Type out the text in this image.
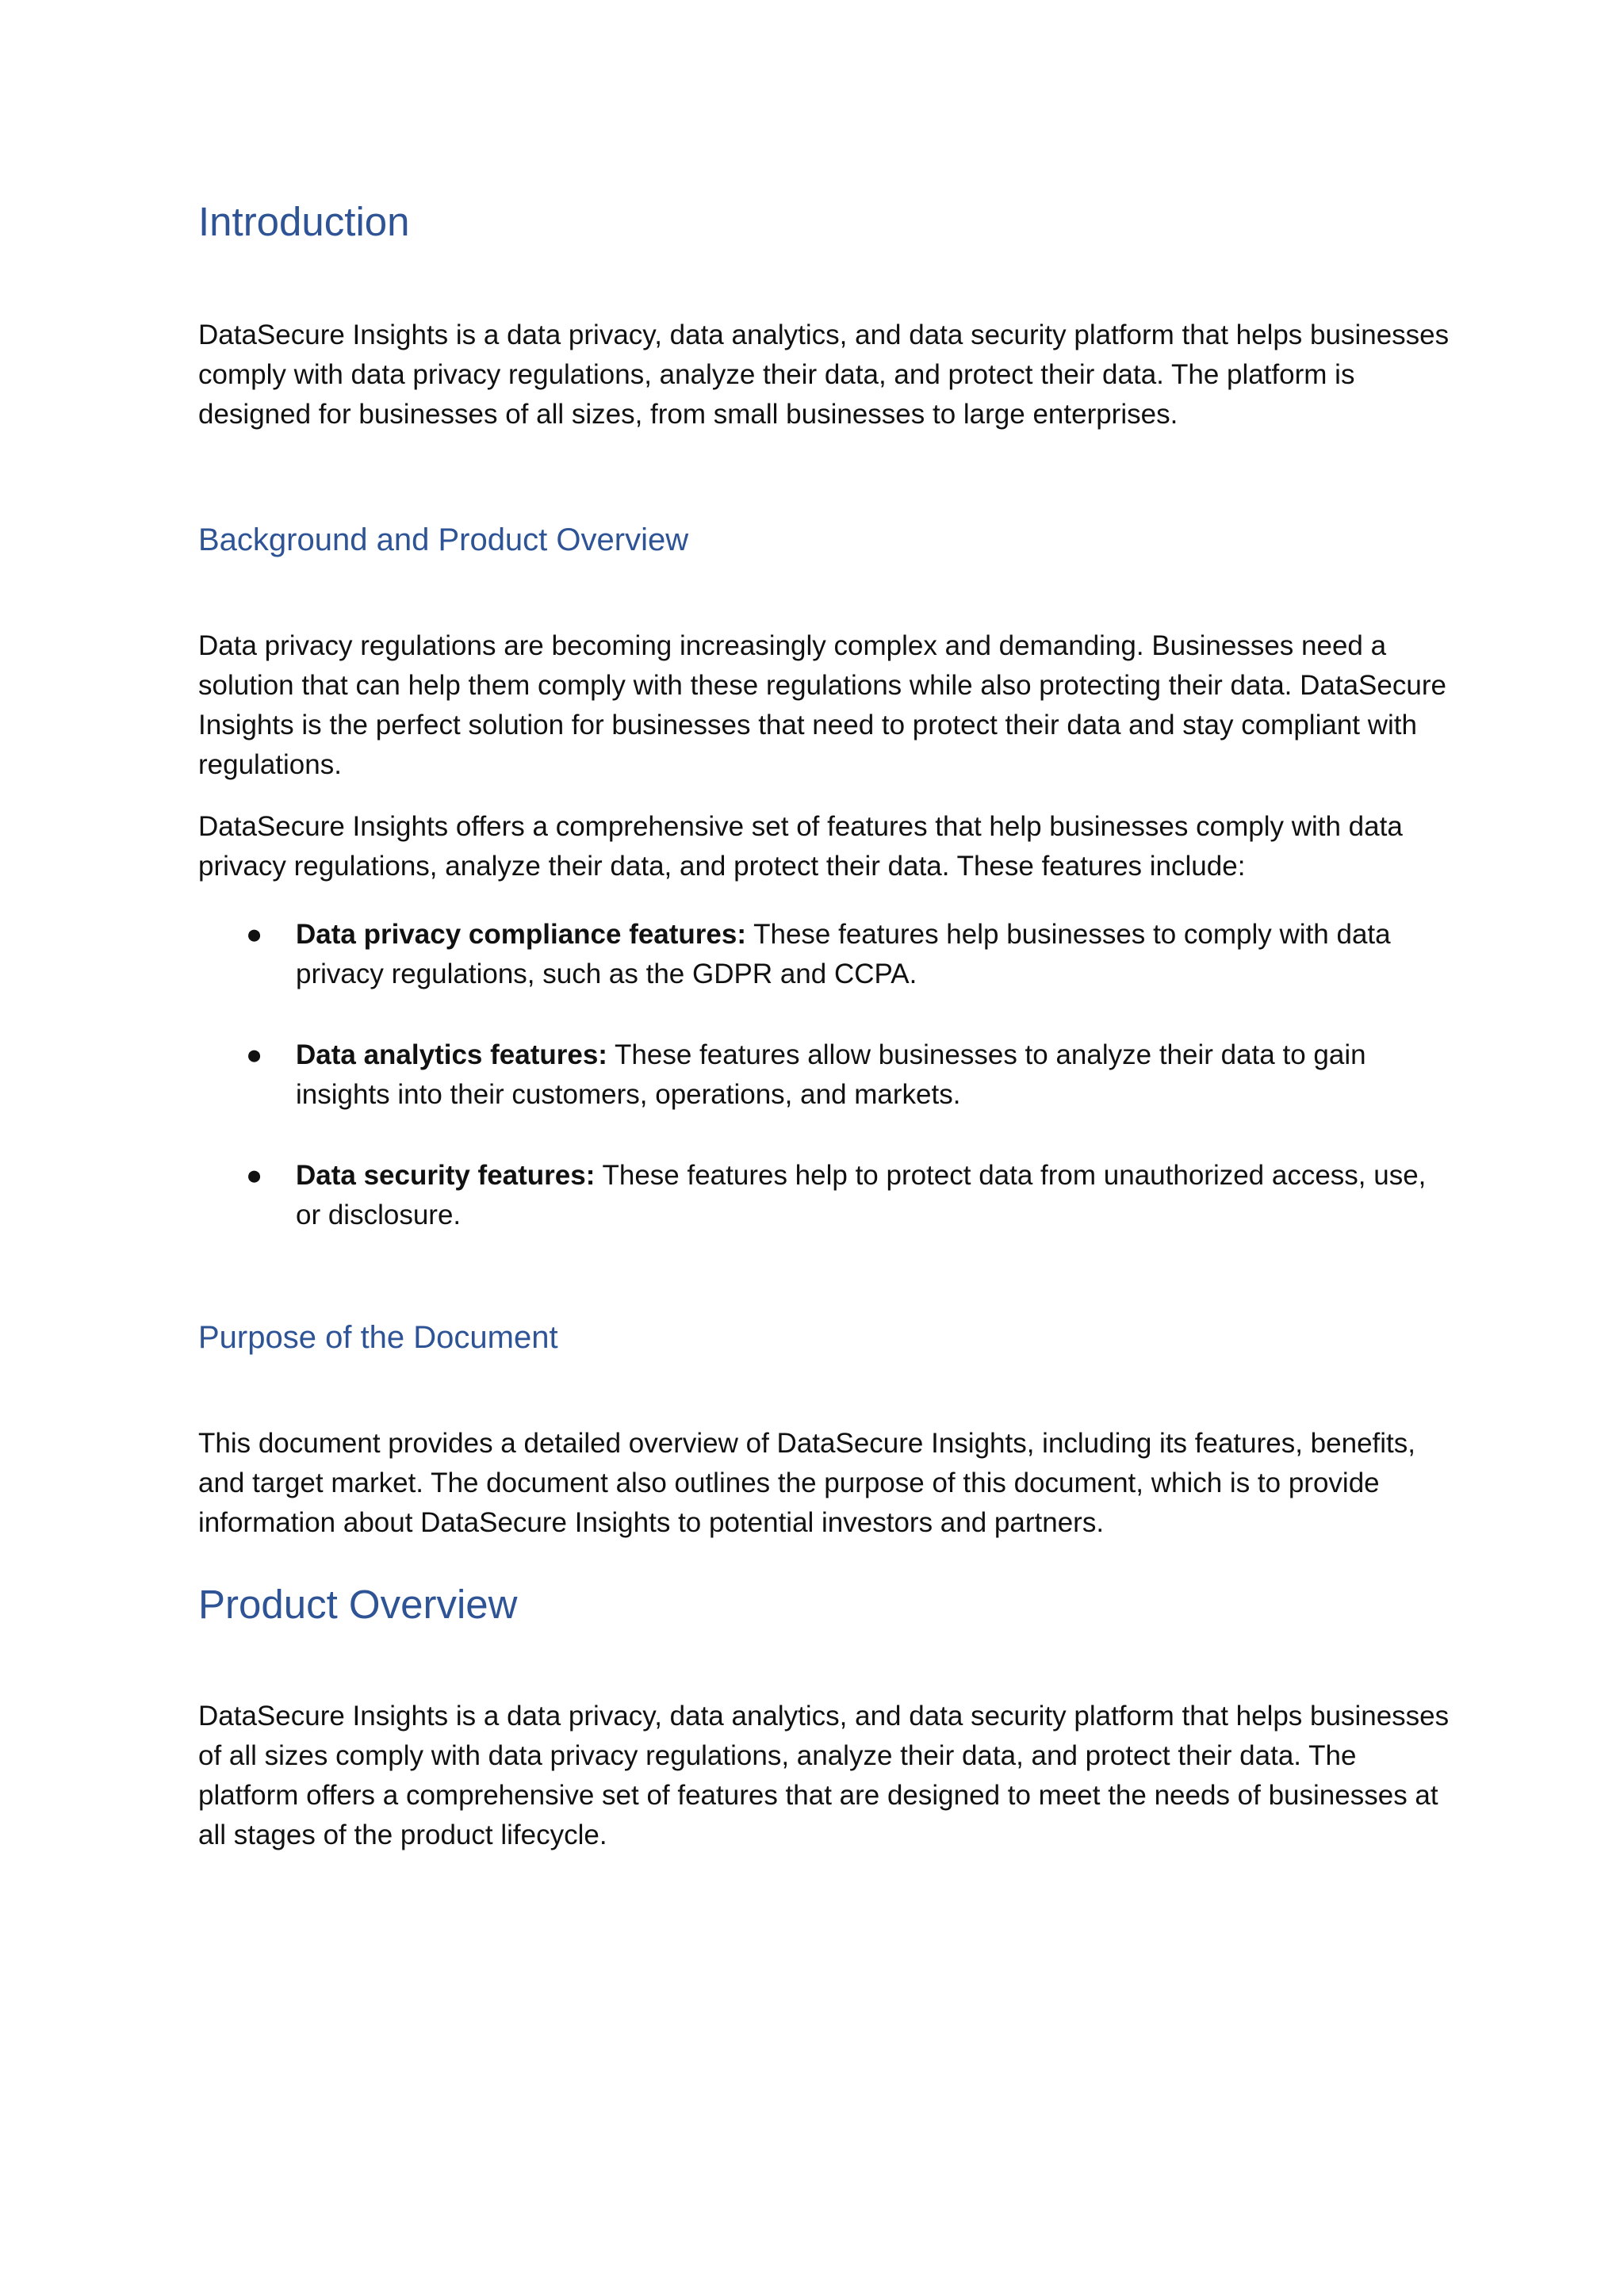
Introduction

DataSecure Insights is a data privacy, data analytics, and data security platform that helps businesses comply with data privacy regulations, analyze their data, and protect their data. The platform is designed for businesses of all sizes, from small businesses to large enterprises.

Background and Product Overview

Data privacy regulations are becoming increasingly complex and demanding. Businesses need a solution that can help them comply with these regulations while also protecting their data. DataSecure Insights is the perfect solution for businesses that need to protect their data and stay compliant with regulations.

DataSecure Insights offers a comprehensive set of features that help businesses comply with data privacy regulations, analyze their data, and protect their data. These features include:

● Data privacy compliance features: These features help businesses to comply with data privacy regulations, such as the GDPR and CCPA.
● Data analytics features: These features allow businesses to analyze their data to gain insights into their customers, operations, and markets.
● Data security features: These features help to protect data from unauthorized access, use, or disclosure.
Purpose of the Document

This document provides a detailed overview of DataSecure Insights, including its features, benefits, and target market. The document also outlines the purpose of this document, which is to provide information about DataSecure Insights to potential investors and partners.

Product Overview

DataSecure Insights is a data privacy, data analytics, and data security platform that helps businesses of all sizes comply with data privacy regulations, analyze their data, and protect their data. The platform offers a comprehensive set of features that are designed to meet the needs of businesses at all stages of the product lifecycle.
